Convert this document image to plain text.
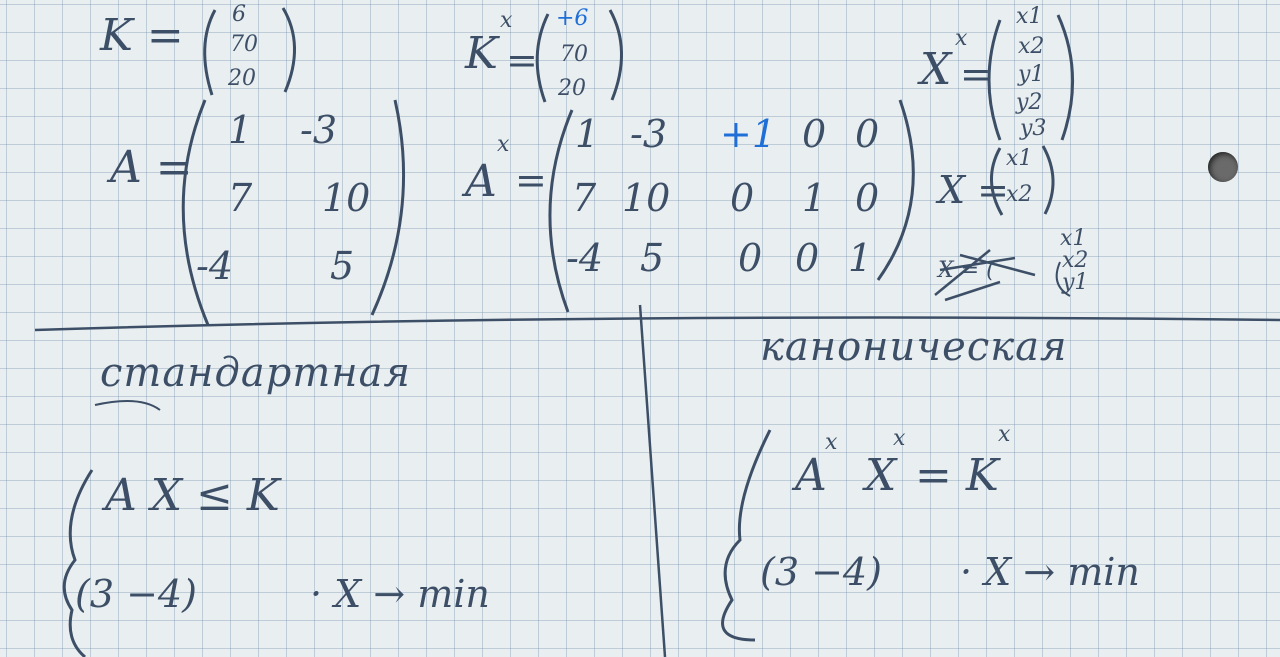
K = 6
70
20	K
x
=
+6
70
20	X
x
=
x1
x2
y1
y2
y3
A =
1 -3
7 10
-4	5
A
x
=
1 -3 +1 0 0
7 10 0 1 0
-4 5 0 0 1
X =
x1
x2
X = (
x1
x2
y1
стандартная
A X ≤ K
(3 −4)	· X → min
каноническая
A
x
X
x
= K
x
(3 −4) · X → min
